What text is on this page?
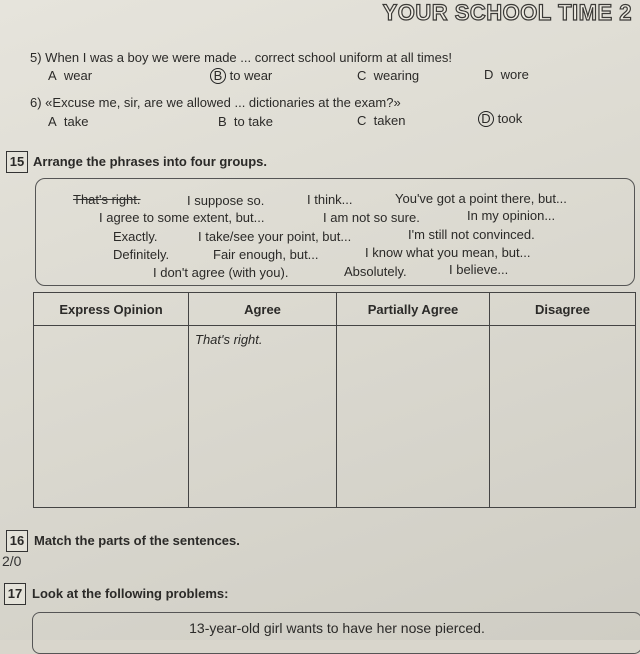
YOUR SCHOOL TIME 2
5) When I was a boy we were made ... correct school uniform at all times!
A wear	B to wear	C wearing	D wore
6) «Excuse me, sir, are we allowed ... dictionaries at the exam?»
A take	B to take	C taken	D took
15 Arrange the phrases into four groups.
That's right.	I suppose so.	I think...	You've got a point there, but...
I agree to some extent, but...	I am not so sure.	In my opinion...
Exactly.	I take/see your point, but...	I'm still not convinced.
Definitely.	Fair enough, but...	I know what you mean, but...
I don't agree (with you).	Absolutely.	I believe...
Express Opinion	Agree	Partially Agree	Disagree
	That's right.		
16 Match the parts of the sentences.
2/0
17 Look at the following problems:
13-year-old girl wants to have her nose pierced.
